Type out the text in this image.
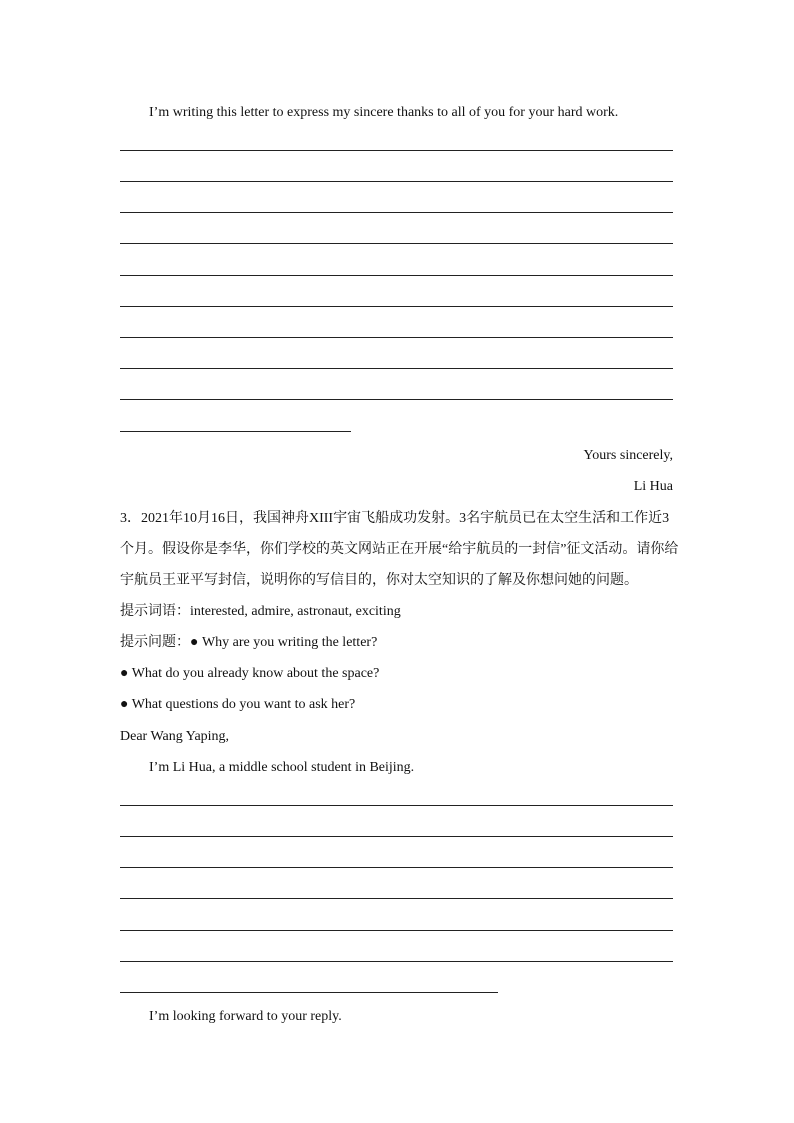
I’m writing this letter to express my sincere thanks to all of you for your hard work.
Yours sincerely,
Li Hua
3．2021年10月16日，我国神舟XIII宇宙飞船成功发射。3名宇航员已在太空生活和工作近3个月。假设你是李华，你们学校的英文网站正在开展“给宇航员的一封信”征文活动。请你给宇航员王亚平写封信，说明你的写信目的，你对太空知识的了解及你想问她的问题。
提示词语：interested, admire, astronaut, exciting
提示问题：● Why are you writing the letter?
● What do you already know about the space?
● What questions do you want to ask her?
Dear Wang Yaping,
I’m Li Hua, a middle school student in Beijing.
I’m looking forward to your reply.
